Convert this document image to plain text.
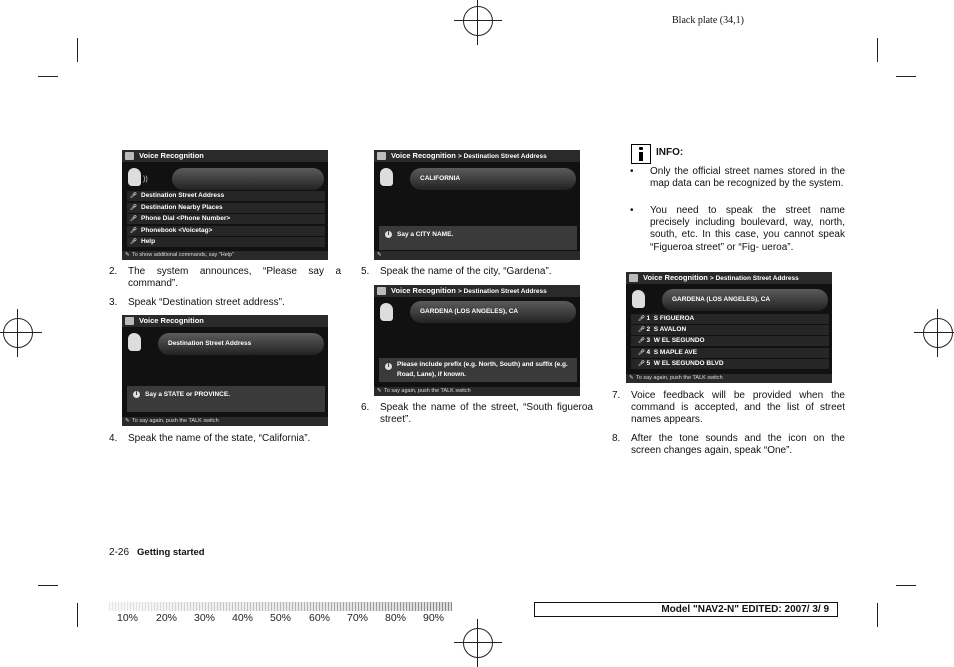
Black plate (34,1)
Voice Recognition
))
🎤︎ Destination Street Address
🎤︎ Destination Nearby Places
🎤︎ Phone Dial <Phone Number>
🎤︎ Phonebook <Voicetag>
🎤︎ Help
✎ To show additional commands, say "Help"
2. The system announces, “Please say a command”.
3. Speak “Destination street address”.
Voice Recognition
Destination Street Address
i	Say a STATE or PROVINCE.
✎ To say again, push the TALK switch
4. Speak the name of the state, “California”.
Voice Recognition > Destination Street Address
CALIFORNIA
i	Say a CITY NAME.
✎
5. Speak the name of the city, “Gardena”.
Voice Recognition > Destination Street Address
GARDENA (LOS ANGELES), CA
i	Please include prefix (e.g. North, South) and suffix (e.g. Road, Lane), if known.
✎ To say again, push the TALK switch
6. Speak the name of the street, “South figueroa street”.
INFO:
• Only the official street names stored in the map data can be recognized by the system.
• You need to speak the street name precisely including boulevard, way, north, south, etc. In this case, you cannot speak “Figueroa street” or “Fig- ueroa”.
Voice Recognition > Destination Street Address
GARDENA (LOS ANGELES), CA
🎤︎ 1 S FIGUEROA
🎤︎ 2 S AVALON
🎤︎ 3 W EL SEGUNDO
🎤︎ 4 S MAPLE AVE
🎤︎ 5 W EL SEGUNDO BLVD
✎ To say again, push the TALK switch
7. Voice feedback will be provided when the command is accepted, and the list of street names appears.
8. After the tone sounds and the icon on the screen changes again, speak “One”.
2-26 Getting started
10% 20% 30% 40% 50% 60% 70% 80% 90%
Model "NAV2-N" EDITED: 2007/ 3/ 9
